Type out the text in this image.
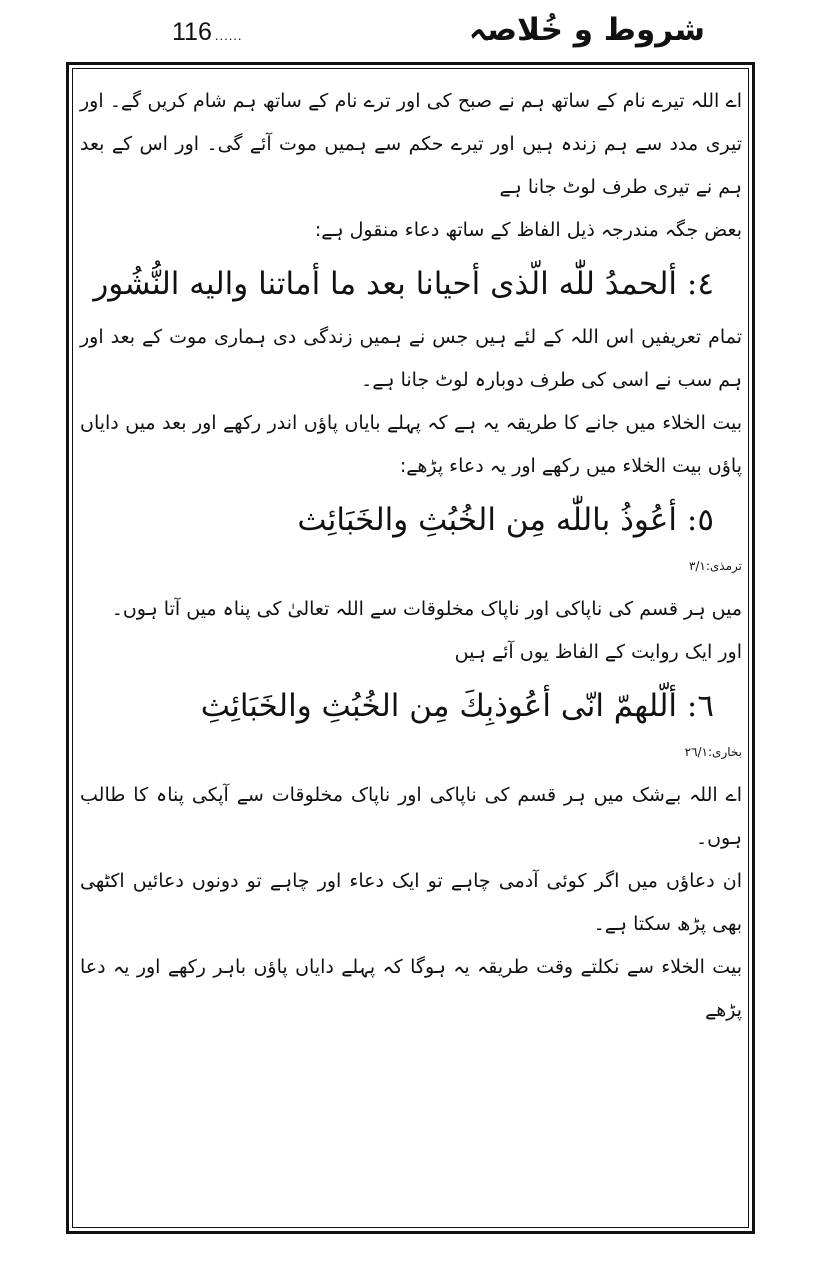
116 ......	شروط و خُلاصہ

اے اللہ تیرے نام کے ساتھ ہم نے صبح کی اور ترے نام کے ساتھ ہم شام کریں گے۔ اور تیری مدد سے ہم زندہ ہیں اور تیرے حکم سے ہمیں موت آئے گی۔ اور اس کے بعد ہم نے تیری طرف لوٹ جانا ہے

بعض جگہ مندرجہ ذیل الفاظ کے ساتھ دعاء منقول ہے:

٤: ألحمدُ للّٰه الّذى أحيانا بعد ما أماتنا واليه النُّشُور

تمام تعریفیں اس اللہ کے لئے ہیں جس نے ہمیں زندگی دی ہماری موت کے بعد اور ہم سب نے اسی کی طرف دوبارہ لوٹ جانا ہے۔

بیت الخلاء میں جانے کا طریقہ یہ ہے کہ پہلے بایاں پاؤں اندر رکھے اور بعد میں دایاں پاؤں بیت الخلاء میں رکھے اور یہ دعاء پڑھے:

٥: أعُوذُ باللّٰه مِن الخُبُثِ والخَبَائِث

ترمذی:۳/۱

میں ہر قسم کی ناپاکی اور ناپاک مخلوقات سے اللہ تعالیٰ کی پناہ میں آتا ہوں۔

اور ایک روایت کے الفاظ یوں آئے ہیں

٦: ألّلهمّ انّى أعُوذبِكَ مِن الخُبُثِ والخَبَائِثِ

بخاری:۲٦/۱

اے اللہ بےشک میں ہر قسم کی ناپاکی اور ناپاک مخلوقات سے آپکی پناہ کا طالب ہوں۔

ان دعاؤں میں اگر کوئی آدمی چاہے تو ایک دعاء اور چاہے تو دونوں دعائیں اکٹھی بھی پڑھ سکتا ہے۔

بیت الخلاء سے نکلتے وقت طریقہ یہ ہوگا کہ پہلے دایاں پاؤں باہر رکھے اور یہ دعا پڑھے
